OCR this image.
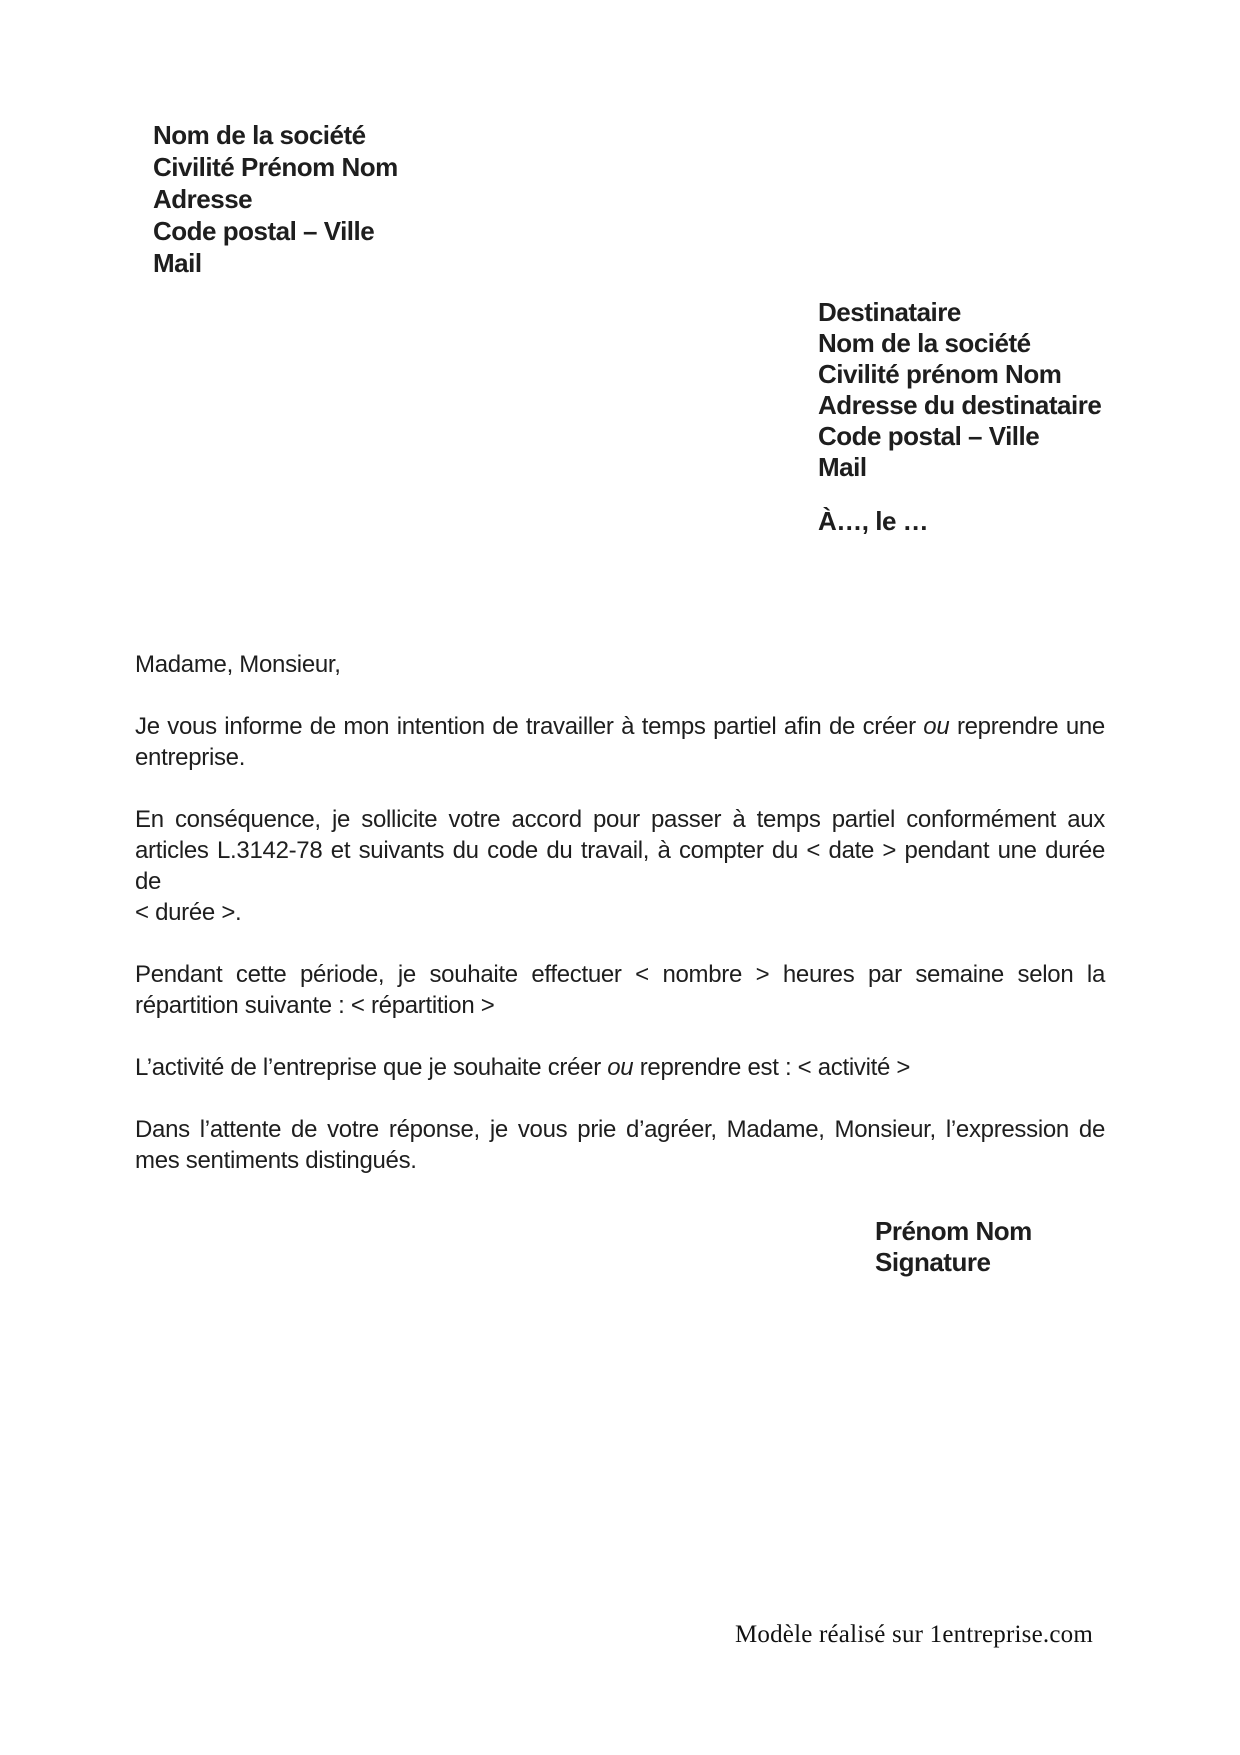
Nom de la société
Civilité Prénom Nom
Adresse
Code postal – Ville
Mail
Destinataire
Nom de la société
Civilité prénom Nom
Adresse du destinataire
Code postal – Ville
Mail
À…, le …
Madame, Monsieur,
Je vous informe de mon intention de travailler à temps partiel afin de créer ou reprendre une
entreprise.
En conséquence, je sollicite votre accord pour passer à temps partiel conformément aux
articles L.3142-78 et suivants du code du travail, à compter du < date > pendant une durée de
< durée >.
Pendant cette période, je souhaite effectuer < nombre > heures par semaine selon la
répartition suivante : < répartition >
L’activité de l’entreprise que je souhaite créer ou reprendre est : < activité >
Dans l’attente de votre réponse, je vous prie d’agréer, Madame, Monsieur, l’expression de
mes sentiments distingués.
Prénom Nom
Signature
Modèle réalisé sur 1entreprise.com
